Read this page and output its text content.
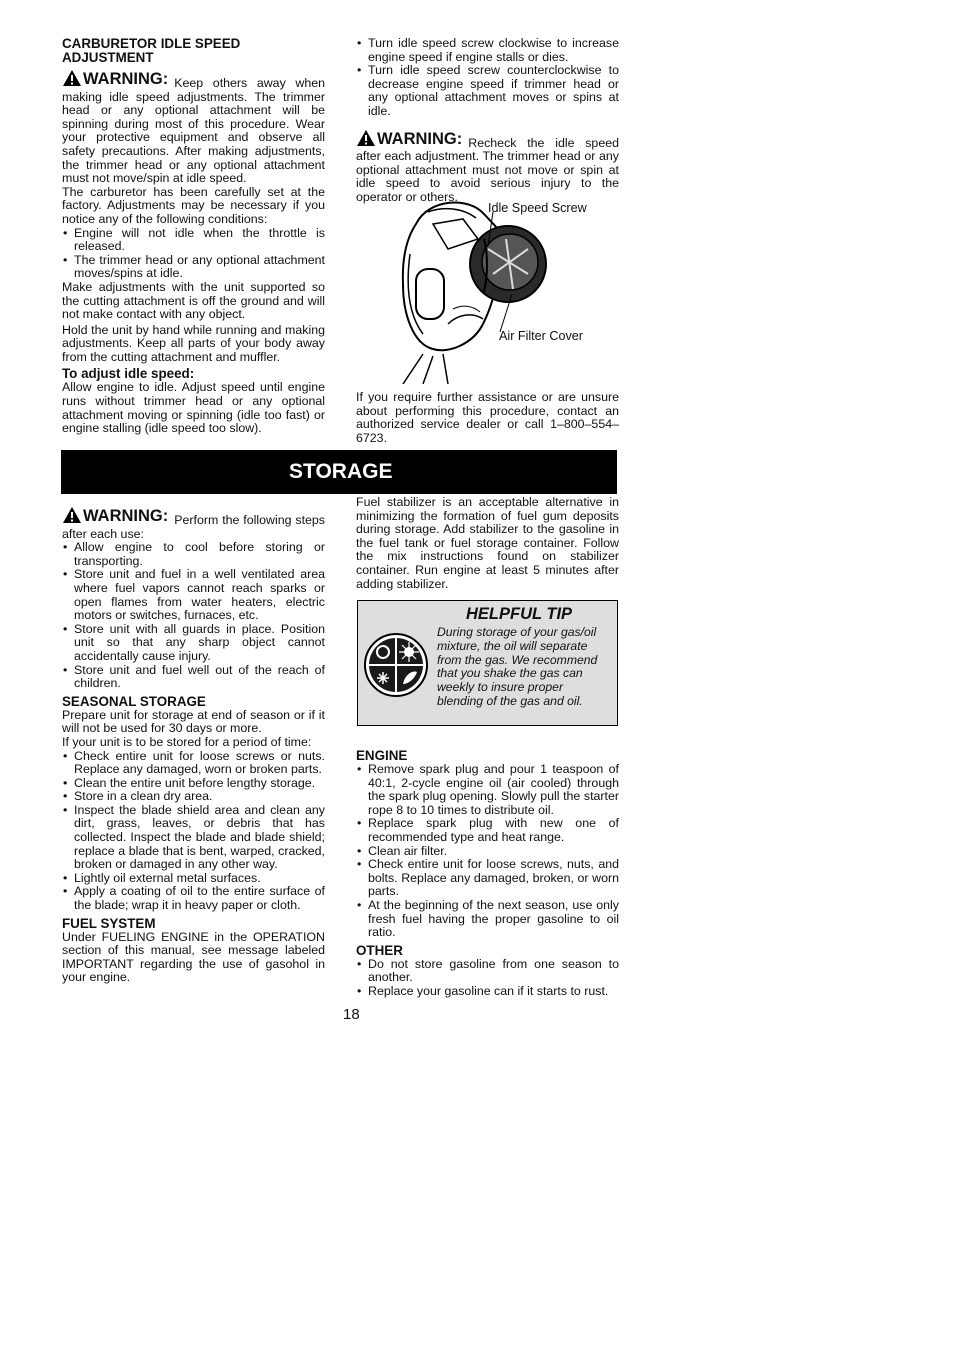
CARBURETOR IDLE SPEED ADJUSTMENT

WARNING: Keep others away when making idle speed adjustments. The trimmer head or any optional attachment will be spinning during most of this procedure. Wear your protective equipment and observe all safety precautions. After making adjustments, the trimmer head or any optional attachment must not move/spin at idle speed.

The carburetor has been carefully set at the factory. Adjustments may be necessary if you notice any of the following conditions:

• Engine will not idle when the throttle is released.
• The trimmer head or any optional attachment moves/spins at idle.

Make adjustments with the unit supported so the cutting attachment is off the ground and will not make contact with any object.

Hold the unit by hand while running and making adjustments. Keep all parts of your body away from the cutting attachment and muffler.

To adjust idle speed:

Allow engine to idle. Adjust speed until engine runs without trimmer head or any optional attachment moving or spinning (idle too fast) or engine stalling (idle speed too slow).

• Turn idle speed screw clockwise to increase engine speed if engine stalls or dies.
• Turn idle speed screw counterclockwise to decrease engine speed if trimmer head or any optional attachment moves or spins at idle.

WARNING: Recheck the idle speed after each adjustment. The trimmer head or any optional attachment must not move or spin at idle speed to avoid serious injury to the operator or others.

Idle Speed Screw
Air Filter Cover

If you require further assistance or are unsure about performing this procedure, contact an authorized service dealer or call 1–800–554–6723.

STORAGE

WARNING: Perform the following steps after each use:

• Allow engine to cool before storing or transporting.
• Store unit and fuel in a well ventilated area where fuel vapors cannot reach sparks or open flames from water heaters, electric motors or switches, furnaces, etc.
• Store unit with all guards in place. Position unit so that any sharp object cannot accidentally cause injury.
• Store unit and fuel well out of the reach of children.
SEASONAL STORAGE

Prepare unit for storage at end of season or if it will not be used for 30 days or more.

If your unit is to be stored for a period of time:

• Check entire unit for loose screws or nuts. Replace any damaged, worn or broken parts.
• Clean the entire unit before lengthy storage.
• Store in a clean dry area.
• Inspect the blade shield area and clean any dirt, grass, leaves, or debris that has collected. Inspect the blade and blade shield; replace a blade that is bent, warped, cracked, broken or damaged in any other way.
• Lightly oil external metal surfaces.
• Apply a coating of oil to the entire surface of the blade; wrap it in heavy paper or cloth.
FUEL SYSTEM

Under FUELING ENGINE in the OPERATION section of this manual, see message labeled IMPORTANT regarding the use of gasohol in your engine.

Fuel stabilizer is an acceptable alternative in minimizing the formation of fuel gum deposits during storage. Add stabilizer to the gasoline in the fuel tank or fuel storage container. Follow the mix instructions found on stabilizer container. Run engine at least 5 minutes after adding stabilizer.

HELPFUL TIP
During storage of your gas/oil mixture, the oil will separate from the gas. We recommend that you shake the gas can weekly to insure proper blending of the gas and oil.
ENGINE
• Remove spark plug and pour 1 teaspoon of 40:1, 2-cycle engine oil (air cooled) through the spark plug opening. Slowly pull the starter rope 8 to 10 times to distribute oil.
• Replace spark plug with new one of recommended type and heat range.
• Clean air filter.
• Check entire unit for loose screws, nuts, and bolts. Replace any damaged, broken, or worn parts.
• At the beginning of the next season, use only fresh fuel having the proper gasoline to oil ratio.
OTHER
• Do not store gasoline from one season to another.
• Replace your gasoline can if it starts to rust.
18
